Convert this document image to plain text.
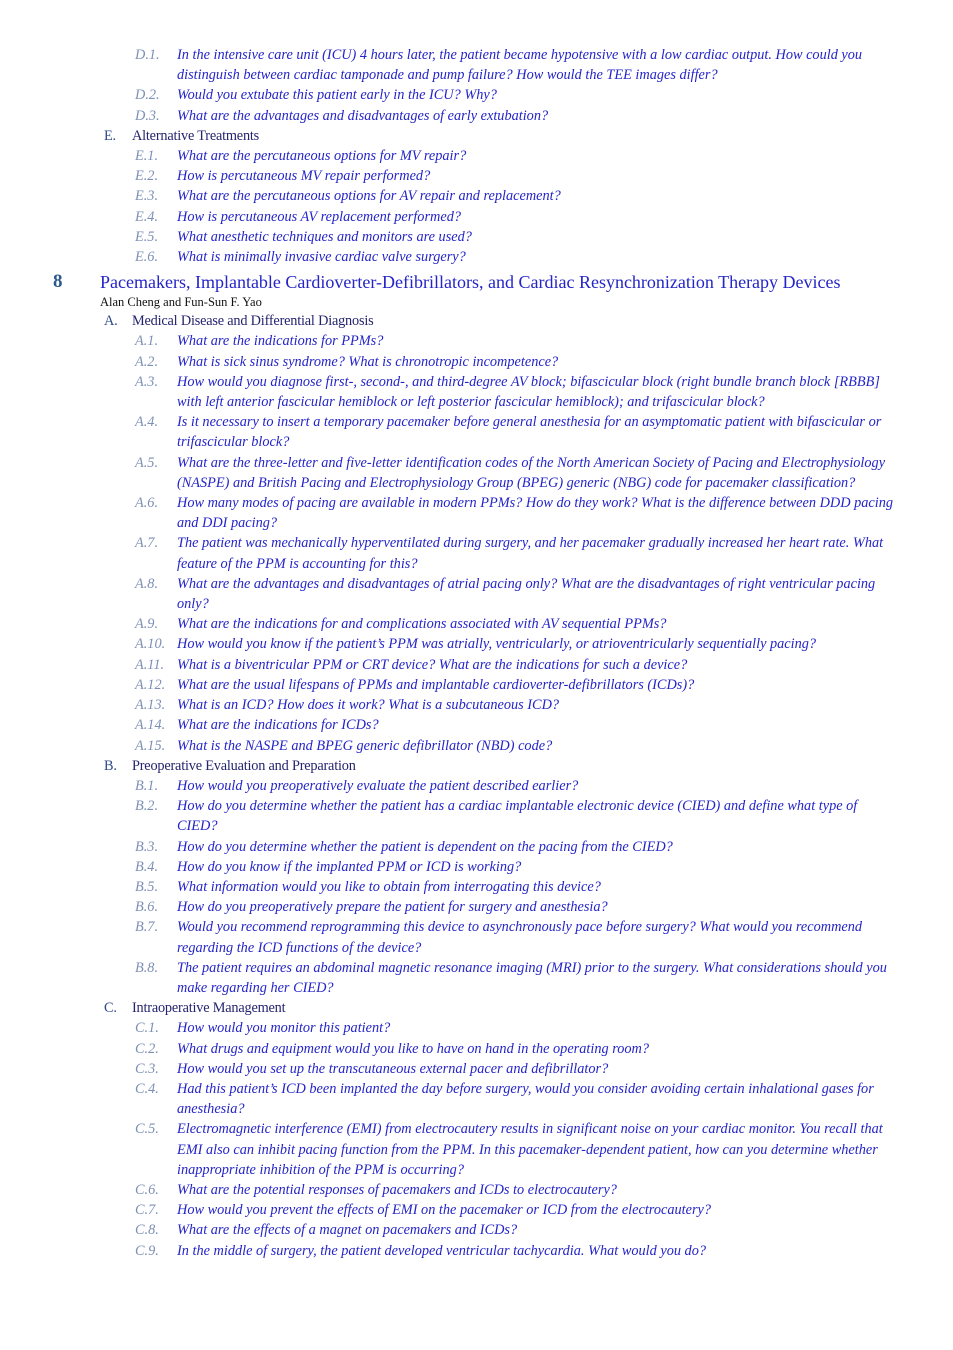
D.1. In the intensive care unit (ICU) 4 hours later, the patient became hypotensive with a low cardiac output. How could you distinguish between cardiac tamponade and pump failure? How would the TEE images differ?
D.2. Would you extubate this patient early in the ICU? Why?
D.3. What are the advantages and disadvantages of early extubation?
E. Alternative Treatments
E.1. What are the percutaneous options for MV repair?
E.2. How is percutaneous MV repair performed?
E.3. What are the percutaneous options for AV repair and replacement?
E.4. How is percutaneous AV replacement performed?
E.5. What anesthetic techniques and monitors are used?
E.6. What is minimally invasive cardiac valve surgery?
8 Pacemakers, Implantable Cardioverter-Defibrillators, and Cardiac Resynchronization Therapy Devices
Alan Cheng and Fun-Sun F. Yao
A. Medical Disease and Differential Diagnosis
A.1. What are the indications for PPMs?
A.2. What is sick sinus syndrome? What is chronotropic incompetence?
A.3. How would you diagnose first-, second-, and third-degree AV block; bifascicular block (right bundle branch block [RBBB] with left anterior fascicular hemiblock or left posterior fascicular hemiblock); and trifascicular block?
A.4. Is it necessary to insert a temporary pacemaker before general anesthesia for an asymptomatic patient with bifascicular or trifascicular block?
A.5. What are the three-letter and five-letter identification codes of the North American Society of Pacing and Electrophysiology (NASPE) and British Pacing and Electrophysiology Group (BPEG) generic (NBG) code for pacemaker classification?
A.6. How many modes of pacing are available in modern PPMs? How do they work? What is the difference between DDD pacing and DDI pacing?
A.7. The patient was mechanically hyperventilated during surgery, and her pacemaker gradually increased her heart rate. What feature of the PPM is accounting for this?
A.8. What are the advantages and disadvantages of atrial pacing only? What are the disadvantages of right ventricular pacing only?
A.9. What are the indications for and complications associated with AV sequential PPMs?
A.10. How would you know if the patient’s PPM was atrially, ventricularly, or atrioventricularly sequentially pacing?
A.11. What is a biventricular PPM or CRT device? What are the indications for such a device?
A.12. What are the usual lifespans of PPMs and implantable cardioverter-defibrillators (ICDs)?
A.13. What is an ICD? How does it work? What is a subcutaneous ICD?
A.14. What are the indications for ICDs?
A.15. What is the NASPE and BPEG generic defibrillator (NBD) code?
B. Preoperative Evaluation and Preparation
B.1. How would you preoperatively evaluate the patient described earlier?
B.2. How do you determine whether the patient has a cardiac implantable electronic device (CIED) and define what type of CIED?
B.3. How do you determine whether the patient is dependent on the pacing from the CIED?
B.4. How do you know if the implanted PPM or ICD is working?
B.5. What information would you like to obtain from interrogating this device?
B.6. How do you preoperatively prepare the patient for surgery and anesthesia?
B.7. Would you recommend reprogramming this device to asynchronously pace before surgery? What would you recommend regarding the ICD functions of the device?
B.8. The patient requires an abdominal magnetic resonance imaging (MRI) prior to the surgery. What considerations should you make regarding her CIED?
C. Intraoperative Management
C.1. How would you monitor this patient?
C.2. What drugs and equipment would you like to have on hand in the operating room?
C.3. How would you set up the transcutaneous external pacer and defibrillator?
C.4. Had this patient’s ICD been implanted the day before surgery, would you consider avoiding certain inhalational gases for anesthesia?
C.5. Electromagnetic interference (EMI) from electrocautery results in significant noise on your cardiac monitor. You recall that EMI also can inhibit pacing function from the PPM. In this pacemaker-dependent patient, how can you determine whether inappropriate inhibition of the PPM is occurring?
C.6. What are the potential responses of pacemakers and ICDs to electrocautery?
C.7. How would you prevent the effects of EMI on the pacemaker or ICD from the electrocautery?
C.8. What are the effects of a magnet on pacemakers and ICDs?
C.9. In the middle of surgery, the patient developed ventricular tachycardia. What would you do?
